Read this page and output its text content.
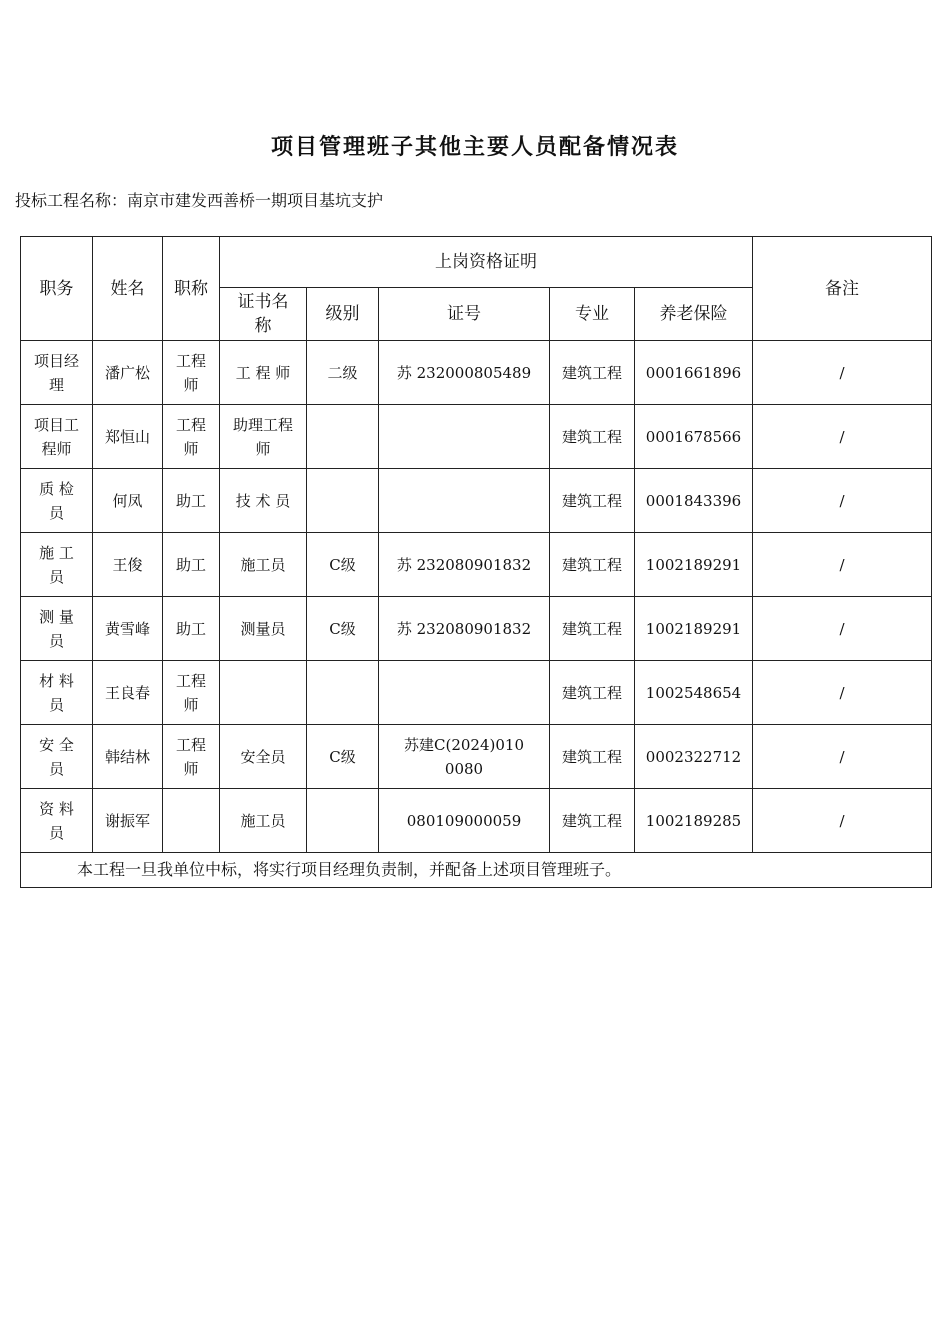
项目管理班子其他主要人员配备情况表
投标工程名称：南京市建发西善桥一期项目基坑支护
职务	姓名	职称	上岗资格证明					备注
			证书名称	级别	证号	专业	养老保险	
项目经理	潘广松	工程师	工 程 师	二级	苏 232000805489	建筑工程	0001661896	/
项目工程师	郑恒山	工程师	助理工程师			建筑工程	0001678566	/
质 检 员	何凤	助工	技 术 员			建筑工程	0001843396	/
施 工 员	王俊	助工	施工员	C级	苏 232080901832	建筑工程	1002189291	/
测 量 员	黄雪峰	助工	测量员	C级	苏 232080901832	建筑工程	1002189291	/
材 料 员	王良春	工程师				建筑工程	1002548654	/
安 全 员	韩结林	工程师	安全员	C级	苏建C(2024)0100080	建筑工程	0002322712	/
资 料 员	谢振军		施工员		080109000059	建筑工程	1002189285	/
本工程一旦我单位中标，将实行项目经理负责制，并配备上述项目管理班子。								
